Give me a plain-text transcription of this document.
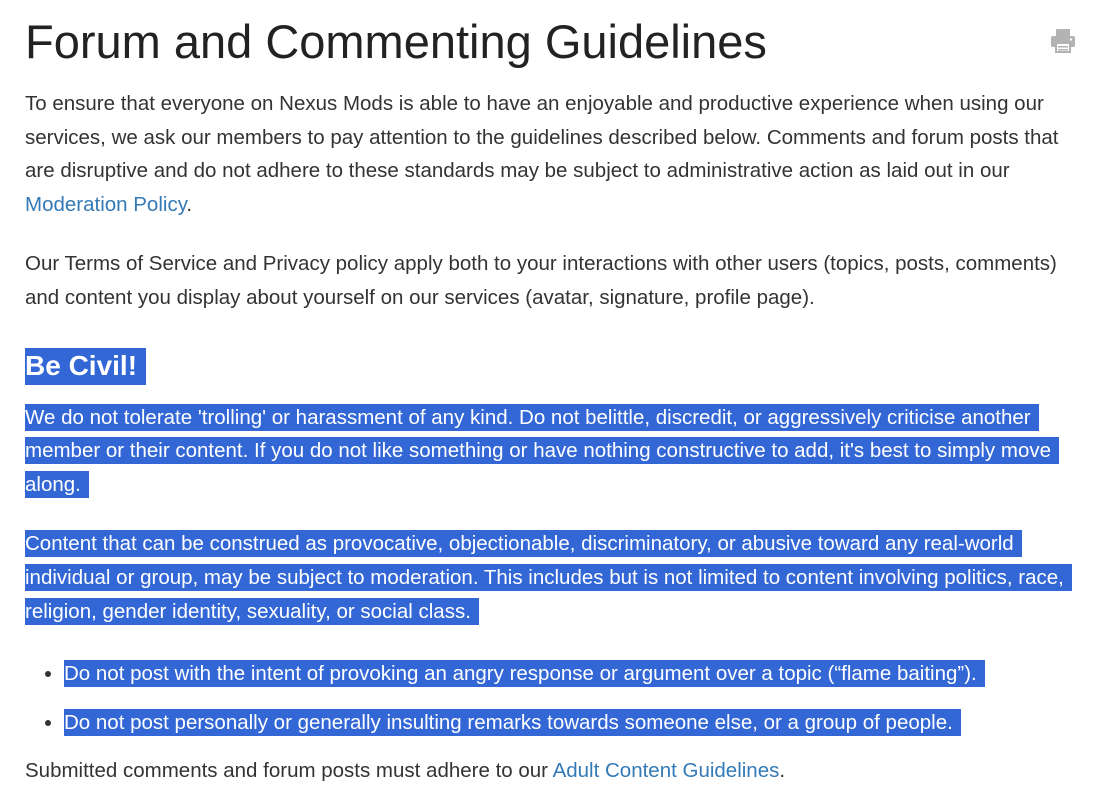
Forum and Commenting Guidelines

To ensure that everyone on Nexus Mods is able to have an enjoyable and productive experience when using our services, we ask our members to pay attention to the guidelines described below. Comments and forum posts that are disruptive and do not adhere to these standards may be subject to administrative action as laid out in our Moderation Policy.

Our Terms of Service and Privacy policy apply both to your interactions with other users (topics, posts, comments) and content you display about yourself on our services (avatar, signature, profile page).

Be Civil!

We do not tolerate 'trolling' or harassment of any kind. Do not belittle, discredit, or aggressively criticise another member or their content. If you do not like something or have nothing constructive to add, it's best to simply move along.

Content that can be construed as provocative, objectionable, discriminatory, or abusive toward any real-world individual or group, may be subject to moderation. This includes but is not limited to content involving politics, race, religion, gender identity, sexuality, or social class.

• Do not post with the intent of provoking an angry response or argument over a topic (“flame baiting”).
• Do not post personally or generally insulting remarks towards someone else, or a group of people.

Submitted comments and forum posts must adhere to our Adult Content Guidelines.
